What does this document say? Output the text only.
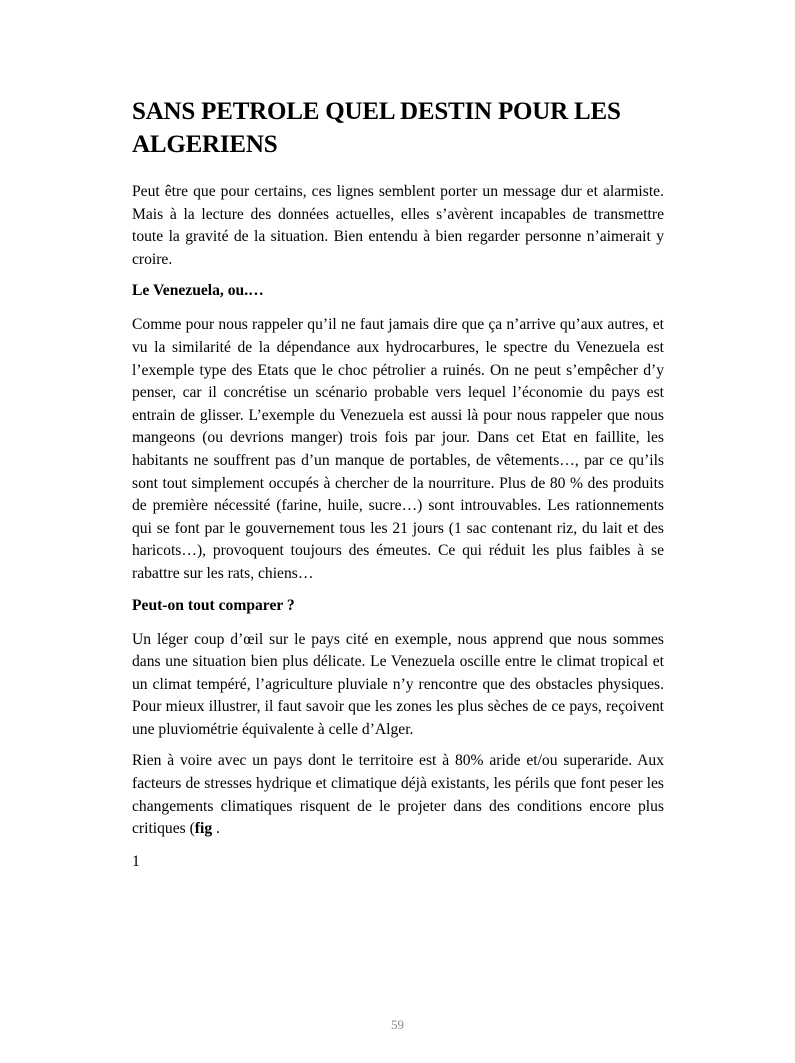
SANS PETROLE QUEL DESTIN POUR LES ALGERIENS

Peut être que pour certains, ces lignes semblent porter un message dur et alarmiste. Mais à la lecture des données actuelles, elles s’avèrent incapables de transmettre toute la gravité de la situation. Bien entendu à bien regarder personne n’aimerait y croire.

Le Venezuela, ou.…

Comme pour nous rappeler qu’il ne faut jamais dire que ça n’arrive qu’aux autres, et vu la similarité de la dépendance aux hydrocarbures, le spectre du Venezuela est l’exemple type des Etats que le choc pétrolier a ruinés. On ne peut s’empêcher d’y penser, car il concrétise un scénario probable vers lequel l’économie du pays est entrain de glisser. L’exemple du Venezuela est aussi là pour nous rappeler que nous mangeons (ou devrions manger) trois fois par jour. Dans cet Etat en faillite, les habitants ne souffrent pas d’un manque de portables, de vêtements…, par ce qu’ils sont tout simplement occupés à chercher de la nourriture. Plus de 80 % des produits de première nécessité (farine, huile, sucre…) sont introuvables. Les rationnements qui se font par le gouvernement tous les 21 jours (1 sac contenant riz, du lait et des haricots…), provoquent toujours des émeutes. Ce qui réduit les plus faibles à se rabattre sur les rats, chiens…

Peut-on tout comparer ?

Un léger coup d’œil sur le pays cité en exemple, nous apprend que nous sommes dans une situation bien plus délicate. Le Venezuela oscille entre le climat tropical et un climat tempéré, l’agriculture pluviale n’y rencontre que des obstacles physiques. Pour mieux illustrer, il faut savoir que les zones les plus sèches de ce pays, reçoivent une pluviométrie équivalente à celle d’Alger.

Rien à voire avec un pays dont le territoire est à 80% aride et/ou superaride. Aux facteurs de stresses hydrique et climatique déjà existants, les périls que font peser les changements climatiques risquent de le projeter dans des conditions encore plus critiques (fig .

1
59
